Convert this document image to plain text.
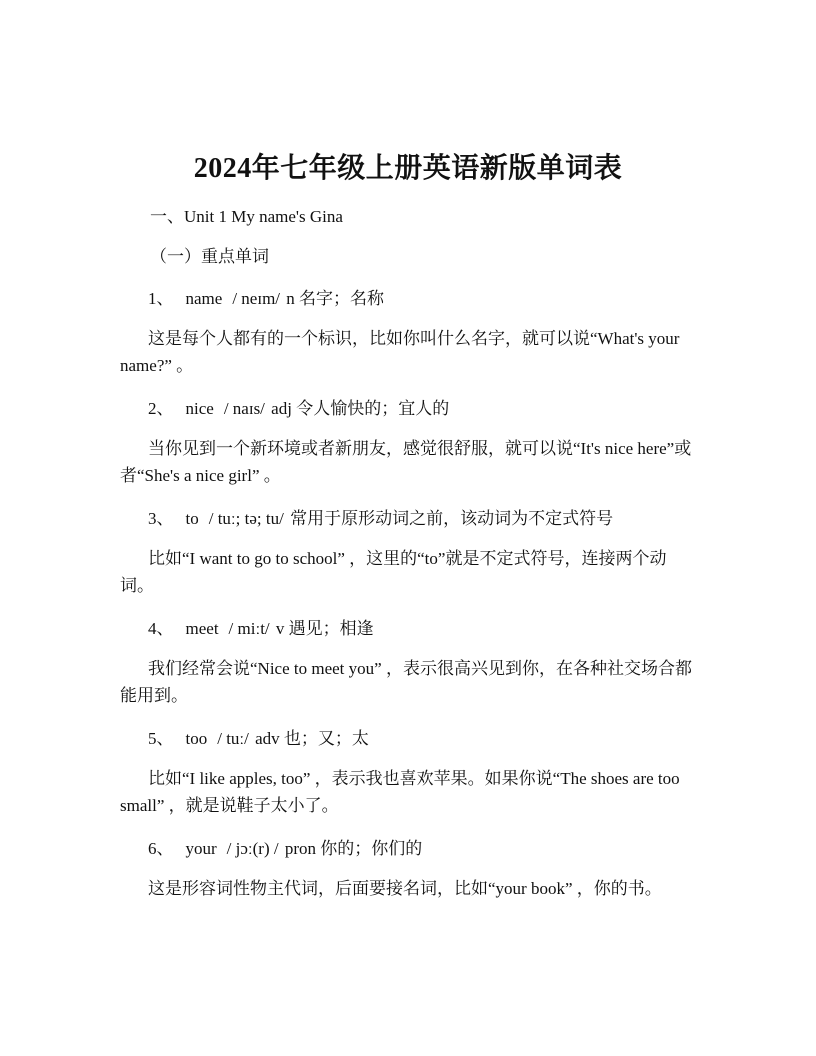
2024年七年级上册英语新版单词表
一、Unit 1 My name's Gina
（一）重点单词
1、 name / neɪm/ n 名字；名称
这是每个人都有的一个标识，比如你叫什么名字，就可以说“What's your name?” 。
2、 nice / naɪs/ adj 令人愉快的；宜人的
当你见到一个新环境或者新朋友，感觉很舒服，就可以说“It's nice here”或者“She's a nice girl” 。
3、 to / tuː; tə; tu/ 常用于原形动词之前，该动词为不定式符号
比如“I want to go to school” ，这里的“to”就是不定式符号，连接两个动词。
4、 meet / miːt/ v 遇见；相逢
我们经常会说“Nice to meet you” ，表示很高兴见到你，在各种社交场合都能用到。
5、 too / tuː/ adv 也；又；太
比如“I like apples, too” ，表示我也喜欢苹果。如果你说“The shoes are too small” ，就是说鞋子太小了。
6、 your / jɔː(r) / pron 你的；你们的
这是形容词性物主代词，后面要接名词，比如“your book” ，你的书。
